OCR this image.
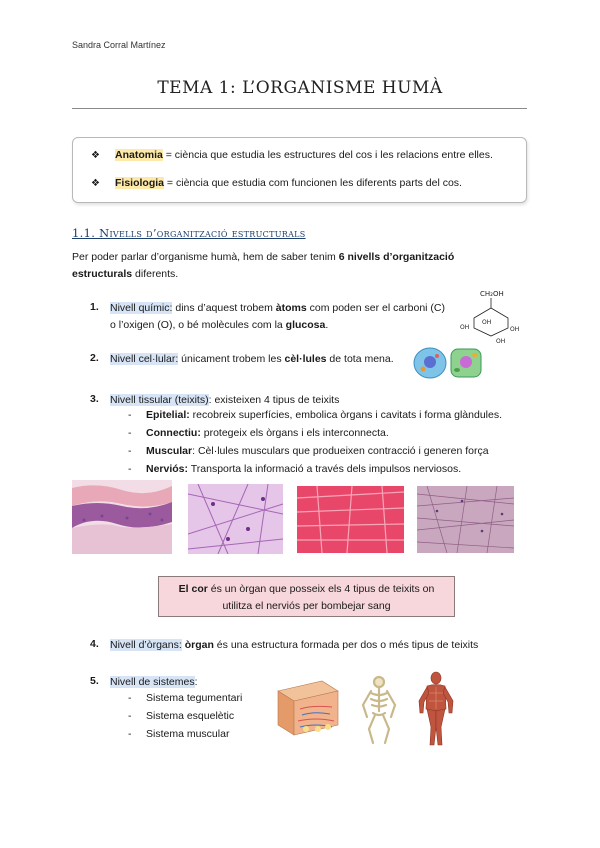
Sandra Corral Martínez
TEMA 1: L’ORGANISME HUMÀ
❖ Anatomia = ciència que estudia les estructures del cos i les relacions entre elles.
❖ Fisiologia = ciència que estudia com funcionen les diferents parts del cos.
1.1. Nivells d’organització estructurals
Per poder parlar d’organisme humà, hem de saber tenim 6 nivells d’organització estructurals diferents.
1. Nivell químic: dins d’aquest trobem àtoms com poden ser el carboni (C)
o l’oxigen (O), o bé molècules com la glucosa.
CH₂OH
OH
OH
OH
OH
2. Nivell cel·lular: únicament trobem les cèl·lules de tota mena.
3. Nivell tissular (teixits): existeixen 4 tipus de teixits
- Epitelial: recobreix superfícies, embolica òrgans i cavitats i forma glàndules.
- Connectiu: protegeix els òrgans i els interconnecta.
- Muscular: Cèl·lules musculars que produeixen contracció i generen força
- Nerviós: Transporta la informació a través dels impulsos nerviosos.
El cor és un òrgan que posseix els 4 tipus de teixits on
utilitza el nerviós per bombejar sang
4. Nivell d’òrgans: òrgan és una estructura formada per dos o més tipus de teixits
5. Nivell de sistemes:
- Sistema tegumentari
- Sistema esquelètic
- Sistema muscular
